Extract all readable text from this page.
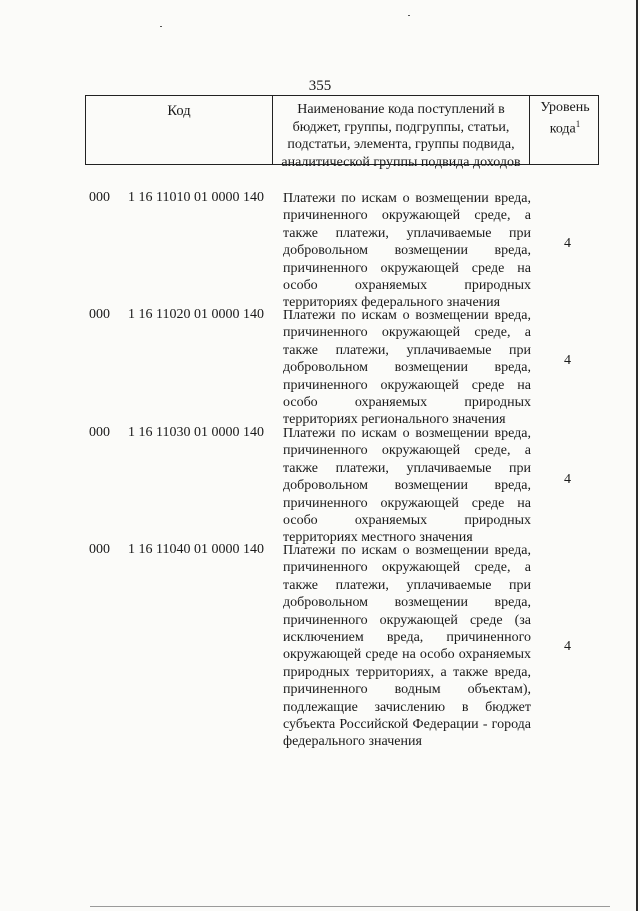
355
Код	Наименование кода поступлений в бюджет, группы, подгруппы, статьи, подстатьи, элемента, группы подвида, аналитической группы подвида доходов
Уровень кода$^1$
000 1 16 11010 01 0000 140 Платежи по искам о возмещении вреда, причиненного окружающей среде, а также платежи, уплачиваемые при добровольном возмещении вреда, причиненного окружающей среде на особо охраняемых природных территориях федерального значения
4
000 1 16 11020 01 0000 140 Платежи по искам о возмещении вреда, причиненного окружающей среде, а также платежи, уплачиваемые при добровольном возмещении вреда, причиненного окружающей среде на особо охраняемых природных территориях регионального значения
4
000 1 16 11030 01 0000 140 Платежи по искам о возмещении вреда, причиненного окружающей среде, а также платежи, уплачиваемые при добровольном возмещении вреда, причиненного окружающей среде на особо охраняемых природных территориях местного значения
4
000 1 16 11040 01 0000 140 Платежи по искам о возмещении вреда, причиненного окружающей среде, а также платежи, уплачиваемые при добровольном возмещении вреда, причиненного окружающей среде (за исключением вреда, причиненного окружающей среде на особо охраняемых природных территориях, а также вреда, причиненного водным объектам), подлежащие зачислению в бюджет субъекта Российской Федерации - города федерального значения
4
